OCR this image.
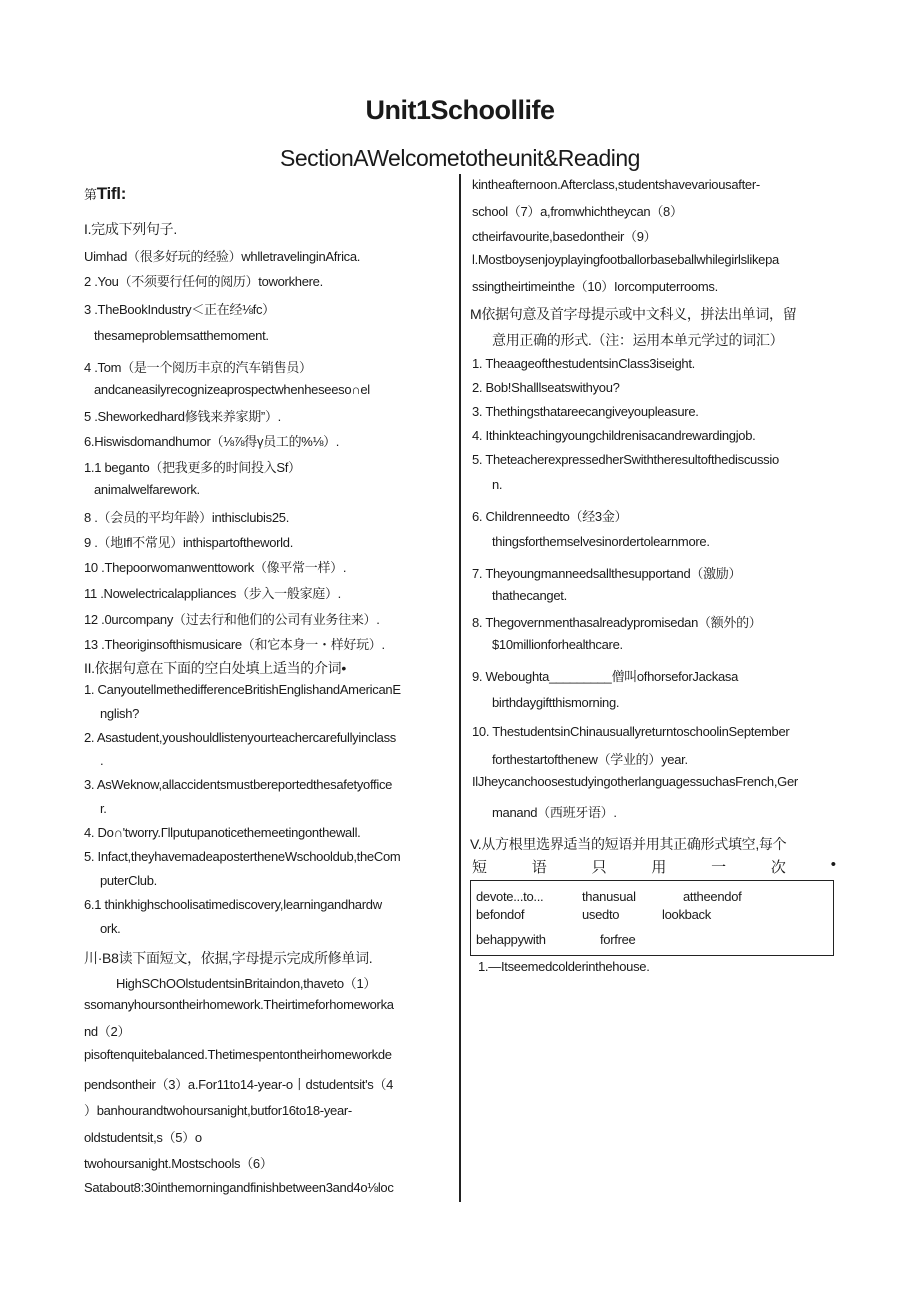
Unit1Schoollife
SectionAWelcometotheunit&Reading
第Tifl:
I.完成下列句子.
Uimhad（很多好玩的经验）whlletravelinginAfrica.
2 .You（不须要行任何的阅历）toworkhere.
3 .TheBookIndustry＜正在经⅛fc）
thesameproblemsatthemoment.
4 .Tom（是一个阅历丰京的汽车销售员）
andcaneasilyrecognizeaprospectwhenheseeso∩el
5 .Sheworkedhard修钱来养家期”）.
6.Hiswisdomandhumor（⅛⅞得γ员工的%⅛）.
1.1 beganto（把我更多的时间投入Sf）
animalwelfarework.
8 .（会员的平均年龄）inthisclubis25.
9 .（地Ifl不常见）inthispartoftheworld.
10 .Thepoorwomanwenttowork（像平常一样）.
11 .Nowelectricalappliances（步入一般家庭）.
12 .0urcompany（过去行和他们的公司有业务往来）.
13 .Theoriginsofthismusicare（和它本身一・样好玩）.
II.依据句意在下面的空白处填上适当的介词•
1. CanyoutellmethedifferenceBritishEnglishandAmericanE
nglish?
2. Asastudent,youshouldlistenyourteachercarefullyinclass
.
3. AsWeknow,allaccidentsmustbereportedthesafetyoffice
r.
4. Do∩'tworry.Γllputupanoticethemeetingonthewall.
5. Infact,theyhavemadeapostertheneWschooldub,theCom
puterClub.
6.1 thinkhighschoolisatimediscovery,learningandhardw
ork.
川·B8读下面短文，依据,字母提示完成所修单词.
HighSChOOlstudentsinBritaindon,thaveto（1）
ssomanyhoursontheirhomework.Theirtimeforhomeworka
nd（2）
pisoftenquitebalanced.Thetimespentontheirhomeworkde
pendsontheir（3）a.For11to14-year-o丨dstudentsit's（4
）banhourandtwohoursanight,butfor16to18-year-
oldstudentsit,s（5）o
twohoursanight.Mostschools（6）
Satabout8:30inthemorningandfinishbetween3and4o⅛loc
kintheafternoon.Afterclass,studentshavevariousafter-
school（7）a,fromwhichtheycan（8）
ctheirfavourite,basedontheir（9）
l.Mostboysenjoyplayingfootballorbaseballwhilegirlslikepa
ssingtheirtimeinthe（10）Iorcomputerrooms.
M依据句意及首字母提示或中文科义，拼法出单词，留
意用正确的形式.（注：运用本单元学过的词汇）
1. TheaageofthestudentsinClass3iseight.
2. Bob!Shalllseatswithyou?
3. Thethingsthatareecangiveyoupleasure.
4. Ithinkteachingyoungchildrenisacandrewardingjob.
5. TheteacherexpressedherSwiththeresultofthediscussio
n.
6. Childrenneedto（经3金）
thingsforthemselvesinordertolearnmore.
7. Theyoungmanneedsallthesupportand（激励）
thathecanget.
8. Thegovernmenthasalreadypromisedan（额外的）
$10millionforhealthcare.
9. Weboughta_________僧叫ofhorseforJackasa
birthdaygiftthismorning.
10. ThestudentsinChinausuallyreturntoschoolinSeptember
forthestartofthenew（学业的）year.
IlJheycanchoosestudyingotherlanguagessuchasFrench,Ger
manand（西班牙语）.
V.从方根里选界适当的短语并用其正确形式填空,每个
短	语	只	用	一	次	•
devote...to...	thanusual	attheendof
befondof	usedto	lookback
behappywith	forfree
1.—Itseemedcolderinthehouse.
